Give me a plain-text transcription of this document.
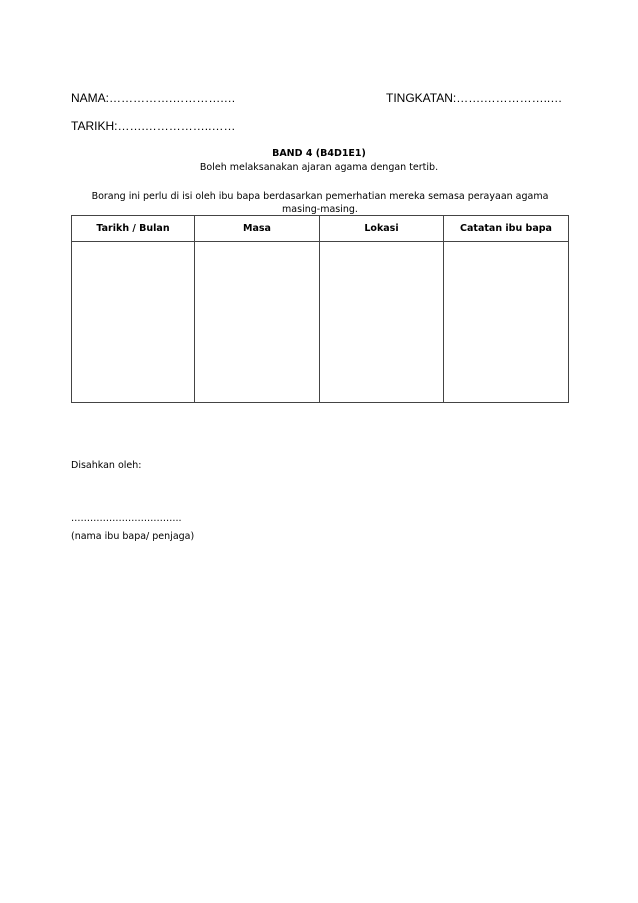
NAMA:…………….………….…	TINGKATAN:…….……………..…
TARIKH:…….……………..……
BAND 4 (B4D1E1)
Boleh melaksanakan ajaran agama dengan tertib.
Borang ini perlu di isi oleh ibu bapa berdasarkan pemerhatian mereka semasa perayaan agama masing-masing.
Tarikh / Bulan	Masa	Lokasi	Catatan ibu bapa

Disahkan oleh:
……………………………..
(nama ibu bapa/ penjaga)
